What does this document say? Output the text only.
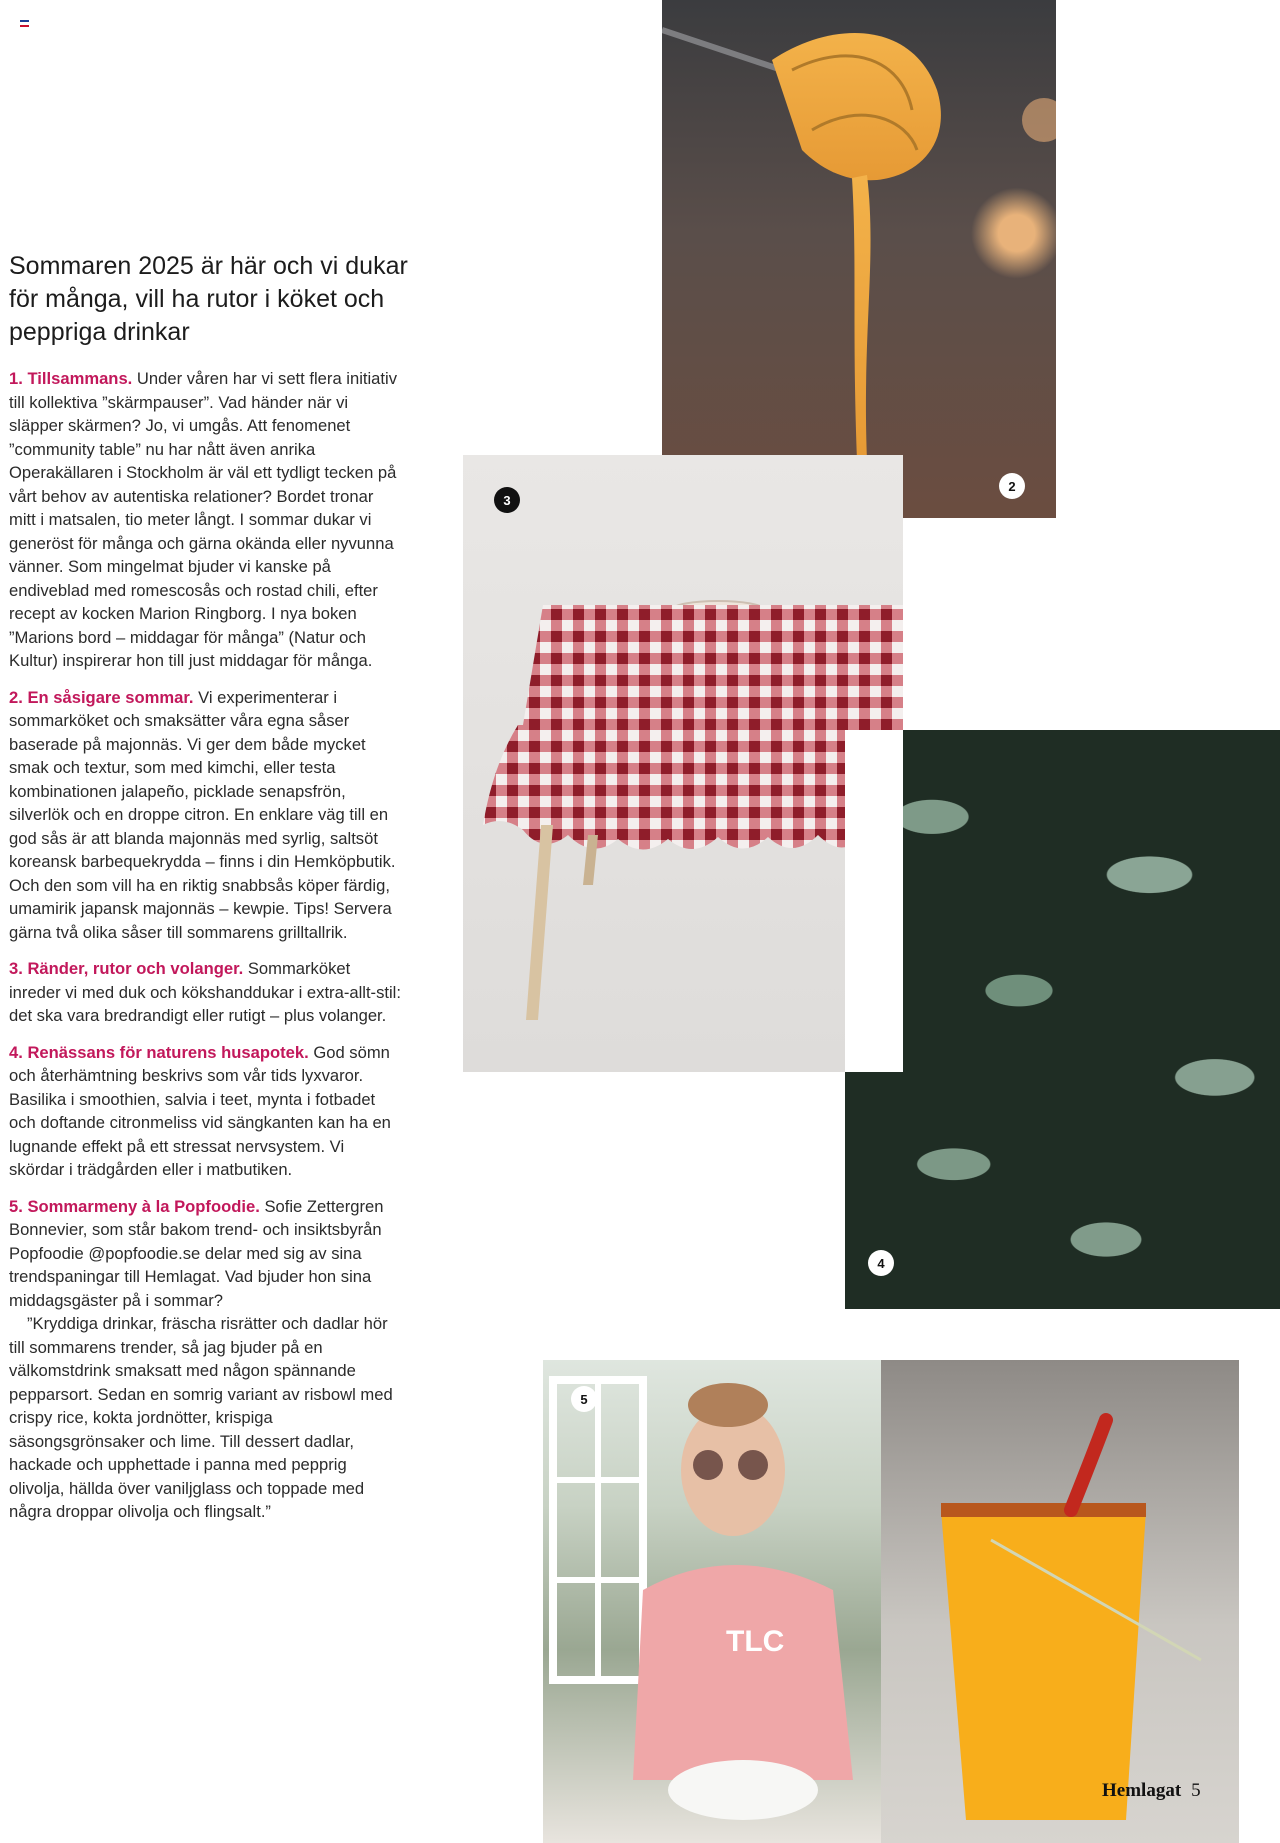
Sommaren 2025 är här och vi dukar för många, vill ha rutor i köket och peppriga drinkar

1. Tillsammans. Under våren har vi sett flera initiativ till kollektiva ”skärmpauser”. Vad händer när vi släpper skärmen? Jo, vi umgås. Att fenomenet ”community table” nu har nått även anrika Operakällaren i Stockholm är väl ett tydligt tecken på vårt behov av autentiska relationer? Bordet tronar mitt i matsalen, tio meter långt. I sommar dukar vi generöst för många och gärna okända eller nyvunna vänner. Som mingelmat bjuder vi kanske på endiveblad med romescosås och rostad chili, efter recept av kocken Marion Ringborg. I nya boken ”Marions bord – middagar för många” (Natur och Kultur) inspirerar hon till just middagar för många.

2. En såsigare sommar. Vi experimenterar i sommarköket och smaksätter våra egna såser baserade på majonnäs. Vi ger dem både mycket smak och textur, som med kimchi, eller testa kombinationen jalapeño, picklade senapsfrön, silverlök och en droppe citron. En enklare väg till en god sås är att blanda majonnäs med syrlig, saltsöt koreansk barbequekrydda – finns i din Hemköpbutik. Och den som vill ha en riktig snabbsås köper färdig, umamirik japansk majonnäs – kewpie. Tips! Servera gärna två olika såser till sommarens grilltallrik.

3. Ränder, rutor och volanger. Sommarköket inreder vi med duk och kökshanddukar i extra-allt-stil: det ska vara bredrandigt eller rutigt – plus volanger.

4. Renässans för naturens husapotek. God sömn och återhämtning beskrivs som vår tids lyxvaror. Basilika i smoothien, salvia i teet, mynta i fotbadet och doftande citronmeliss vid sängkanten kan ha en lugnande effekt på ett stressat nervsystem. Vi skördar i trädgården eller i matbutiken.

5. Sommarmeny à la Popfoodie. Sofie Zettergren Bonnevier, som står bakom trend- och insiktsbyrån Popfoodie @popfoodie.se delar med sig av sina trendspaningar till Hemlagat. Vad bjuder hon sina middagsgäster på i sommar?

”Kryddiga drinkar, fräscha risrätter och dadlar hör till sommarens trender, så jag bjuder på en välkomstdrink smaksatt med någon spännande pepparsort. Sedan en somrig variant av risbowl med crispy rice, kokta jordnötter, krispiga säsongsgrönsaker och lime. Till dessert dadlar, hackade och upphettade i panna med pepprig olivolja, hällda över vaniljglass och toppade med några droppar olivolja och flingsalt.”

2
3
4
TLC
5
Hemlagat 5
